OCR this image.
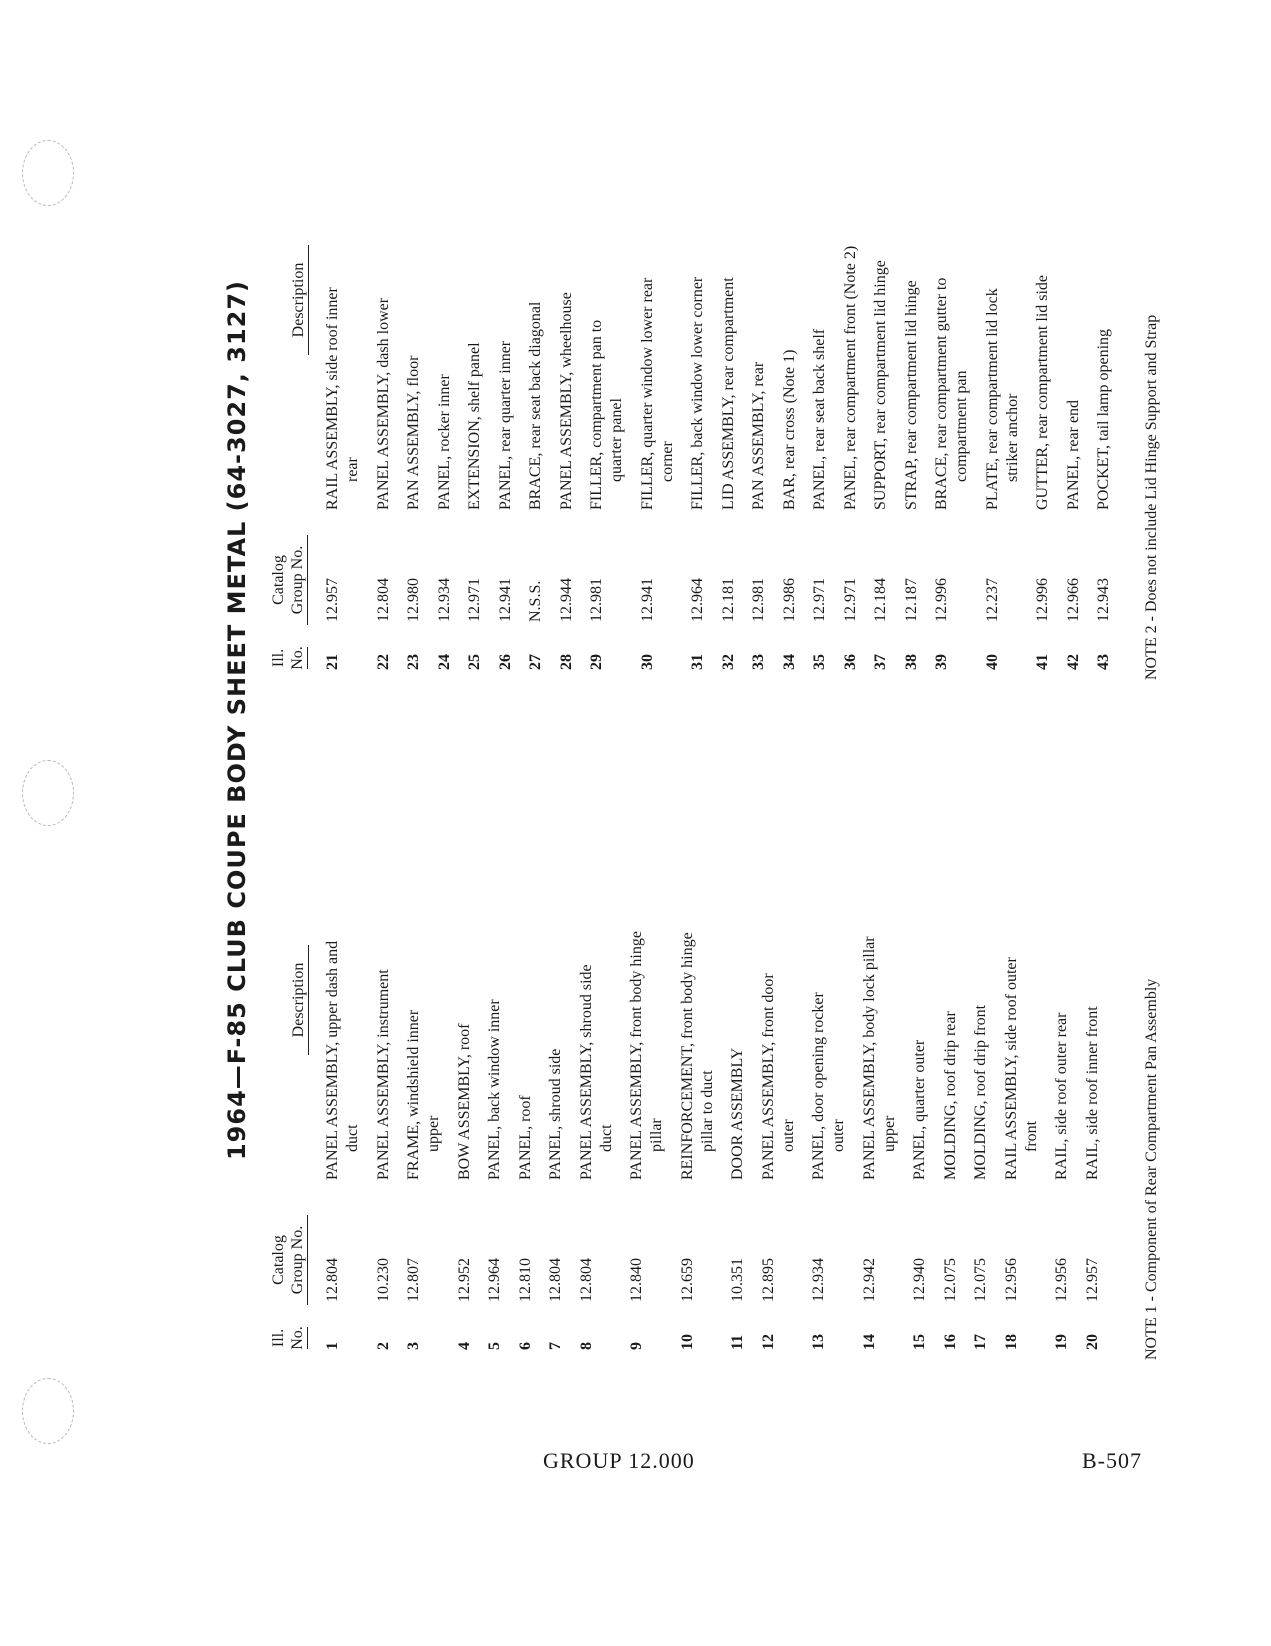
1964—F-85 CLUB COUPE BODY SHEET METAL (64-3027, 3127)
Ill. No.
Catalog Group No.
Description
Ill. No.
Catalog Group No.
Description
1
12.804
PANEL ASSEMBLY, upper dash and duct
2
10.230
PANEL ASSEMBLY, instrument
3
12.807
FRAME, windshield inner upper
4
12.952
BOW ASSEMBLY, roof
5
12.964
PANEL, back window inner
6
12.810
PANEL, roof
7
12.804
PANEL, shroud side
8
12.804
PANEL ASSEMBLY, shroud side duct
9
12.840
PANEL ASSEMBLY, front body hinge pillar
10
12.659
REINFORCEMENT, front body hinge pillar to duct
11
10.351
DOOR ASSEMBLY
12
12.895
PANEL ASSEMBLY, front door outer
13
12.934
PANEL, door opening rocker outer
14
12.942
PANEL ASSEMBLY, body lock pillar upper
15
12.940
PANEL, quarter outer
16
12.075
MOLDING, roof drip rear
17
12.075
MOLDING, roof drip front
18
12.956
RAIL ASSEMBLY, side roof outer front
19
12.956
RAIL, side roof outer rear
20
12.957
RAIL, side roof inner front
21
12.957
RAIL ASSEMBLY, side roof inner rear
22
12.804
PANEL ASSEMBLY, dash lower
23
12.980
PAN ASSEMBLY, floor
24
12.934
PANEL, rocker inner
25
12.971
EXTENSION, shelf panel
26
12.941
PANEL, rear quarter inner
27
N.S.S.
BRACE, rear seat back diagonal
28
12.944
PANEL ASSEMBLY, wheelhouse
29
12.981
FILLER, compartment pan to quarter panel
30
12.941
FILLER, quarter window lower rear corner
31
12.964
FILLER, back window lower corner
32
12.181
LID ASSEMBLY, rear compartment
33
12.981
PAN ASSEMBLY, rear
34
12.986
BAR, rear cross (Note 1)
35
12.971
PANEL, rear seat back shelf
36
12.971
PANEL, rear compartment front (Note 2)
37
12.184
SUPPORT, rear compartment lid hinge
38
12.187
STRAP, rear compartment lid hinge
39
12.996
BRACE, rear compartment gutter to compartment pan
40
12.237
PLATE, rear compartment lid lock striker anchor
41
12.996
GUTTER, rear compartment lid side
42
12.966
PANEL, rear end
43
12.943
POCKET, tail lamp opening
NOTE 1 - Component of Rear Compartment Pan Assembly
NOTE 2 - Does not include Lid Hinge Support and Strap
GROUP 12.000	B-507
